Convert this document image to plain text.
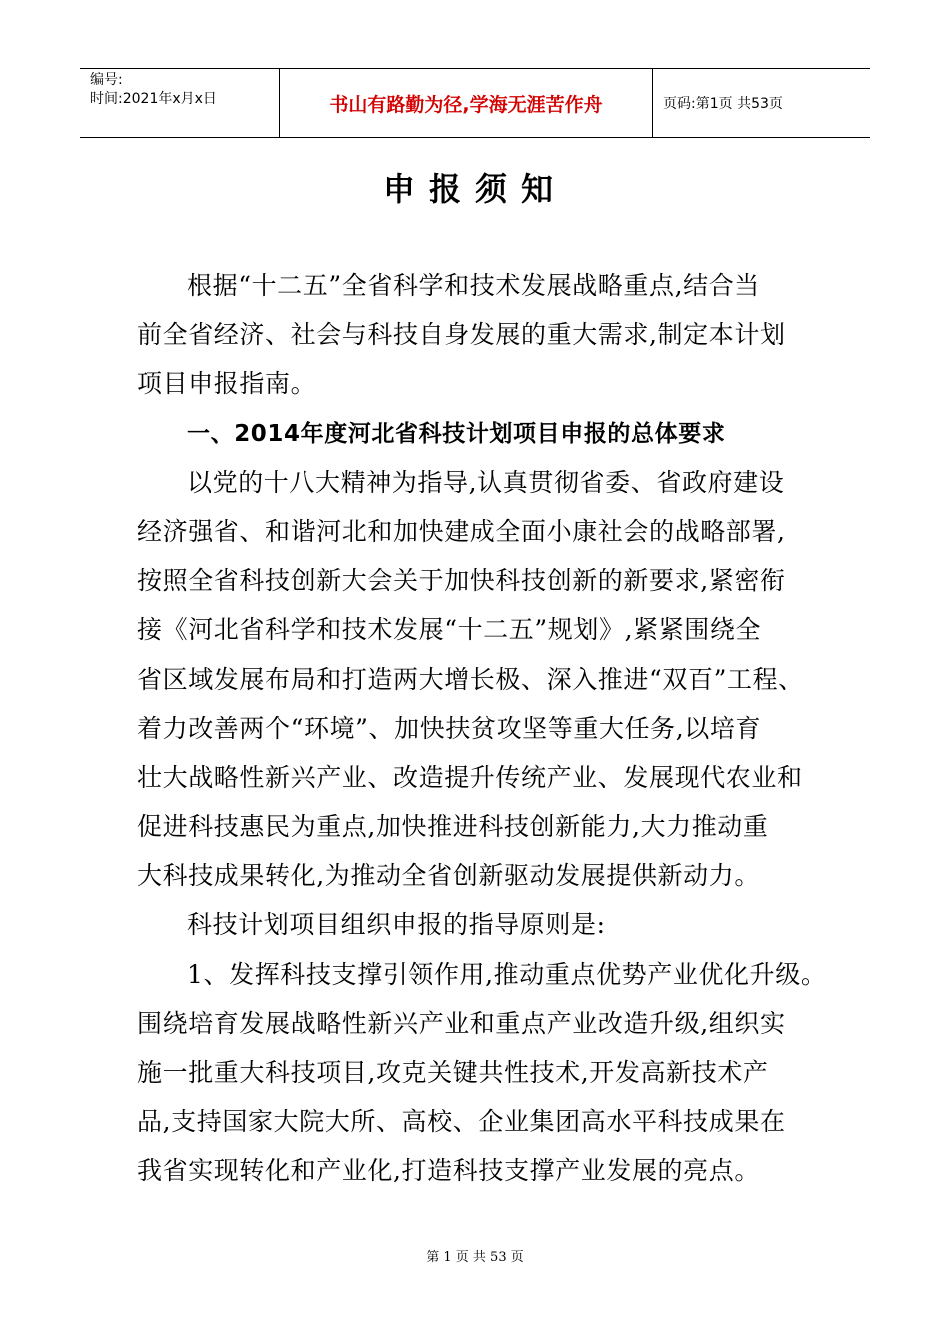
编号:
时间:2021年x月x日	书山有路勤为径,学海无涯苦作舟	页码:第1页 共53页
申报须知
根据“十二五”全省科学和技术发展战略重点,结合当
前全省经济、社会与科技自身发展的重大需求,制定本计划
项目申报指南。
一、2014年度河北省科技计划项目申报的总体要求
以党的十八大精神为指导,认真贯彻省委、省政府建设
经济强省、和谐河北和加快建成全面小康社会的战略部署,
按照全省科技创新大会关于加快科技创新的新要求,紧密衔
接《河北省科学和技术发展“十二五”规划》,紧紧围绕全
省区域发展布局和打造两大增长极、深入推进“双百”工程、
着力改善两个“环境”、加快扶贫攻坚等重大任务,以培育
壮大战略性新兴产业、改造提升传统产业、发展现代农业和
促进科技惠民为重点,加快推进科技创新能力,大力推动重
大科技成果转化,为推动全省创新驱动发展提供新动力。
科技计划项目组织申报的指导原则是:
1、发挥科技支撑引领作用,推动重点优势产业优化升级。
围绕培育发展战略性新兴产业和重点产业改造升级,组织实
施一批重大科技项目,攻克关键共性技术,开发高新技术产
品,支持国家大院大所、高校、企业集团高水平科技成果在
我省实现转化和产业化,打造科技支撑产业发展的亮点。
第 1 页 共 53 页
